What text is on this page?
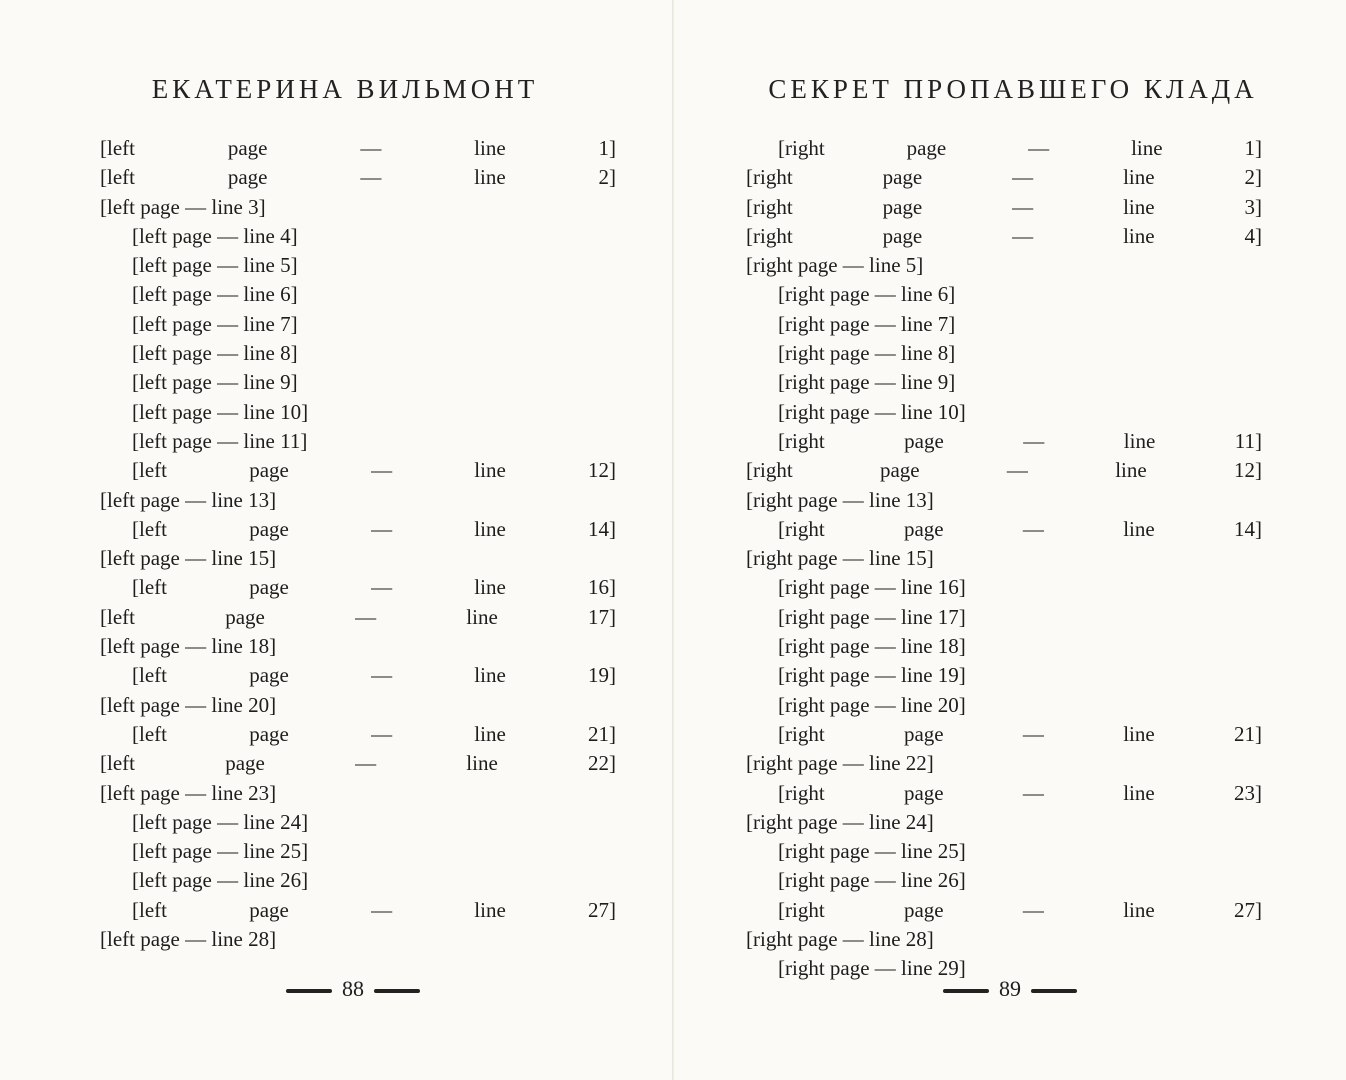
ЕКАТЕРИНА ВИЛЬМОНТ
[left page — line 1]
[left page — line 2]
[left page — line 3]
[left page — line 4]
[left page — line 5]
[left page — line 6]
[left page — line 7]
[left page — line 8]
[left page — line 9]
[left page — line 10]
[left page — line 11]
[left page — line 12]
[left page — line 13]
[left page — line 14]
[left page — line 15]
[left page — line 16]
[left page — line 17]
[left page — line 18]
[left page — line 19]
[left page — line 20]
[left page — line 21]
[left page — line 22]
[left page — line 23]
[left page — line 24]
[left page — line 25]
[left page — line 26]
[left page — line 27]
[left page — line 28]
88
СЕКРЕТ ПРОПАВШЕГО КЛАДА
[right page — line 1]
[right page — line 2]
[right page — line 3]
[right page — line 4]
[right page — line 5]
[right page — line 6]
[right page — line 7]
[right page — line 8]
[right page — line 9]
[right page — line 10]
[right page — line 11]
[right page — line 12]
[right page — line 13]
[right page — line 14]
[right page — line 15]
[right page — line 16]
[right page — line 17]
[right page — line 18]
[right page — line 19]
[right page — line 20]
[right page — line 21]
[right page — line 22]
[right page — line 23]
[right page — line 24]
[right page — line 25]
[right page — line 26]
[right page — line 27]
[right page — line 28]
[right page — line 29]
89
